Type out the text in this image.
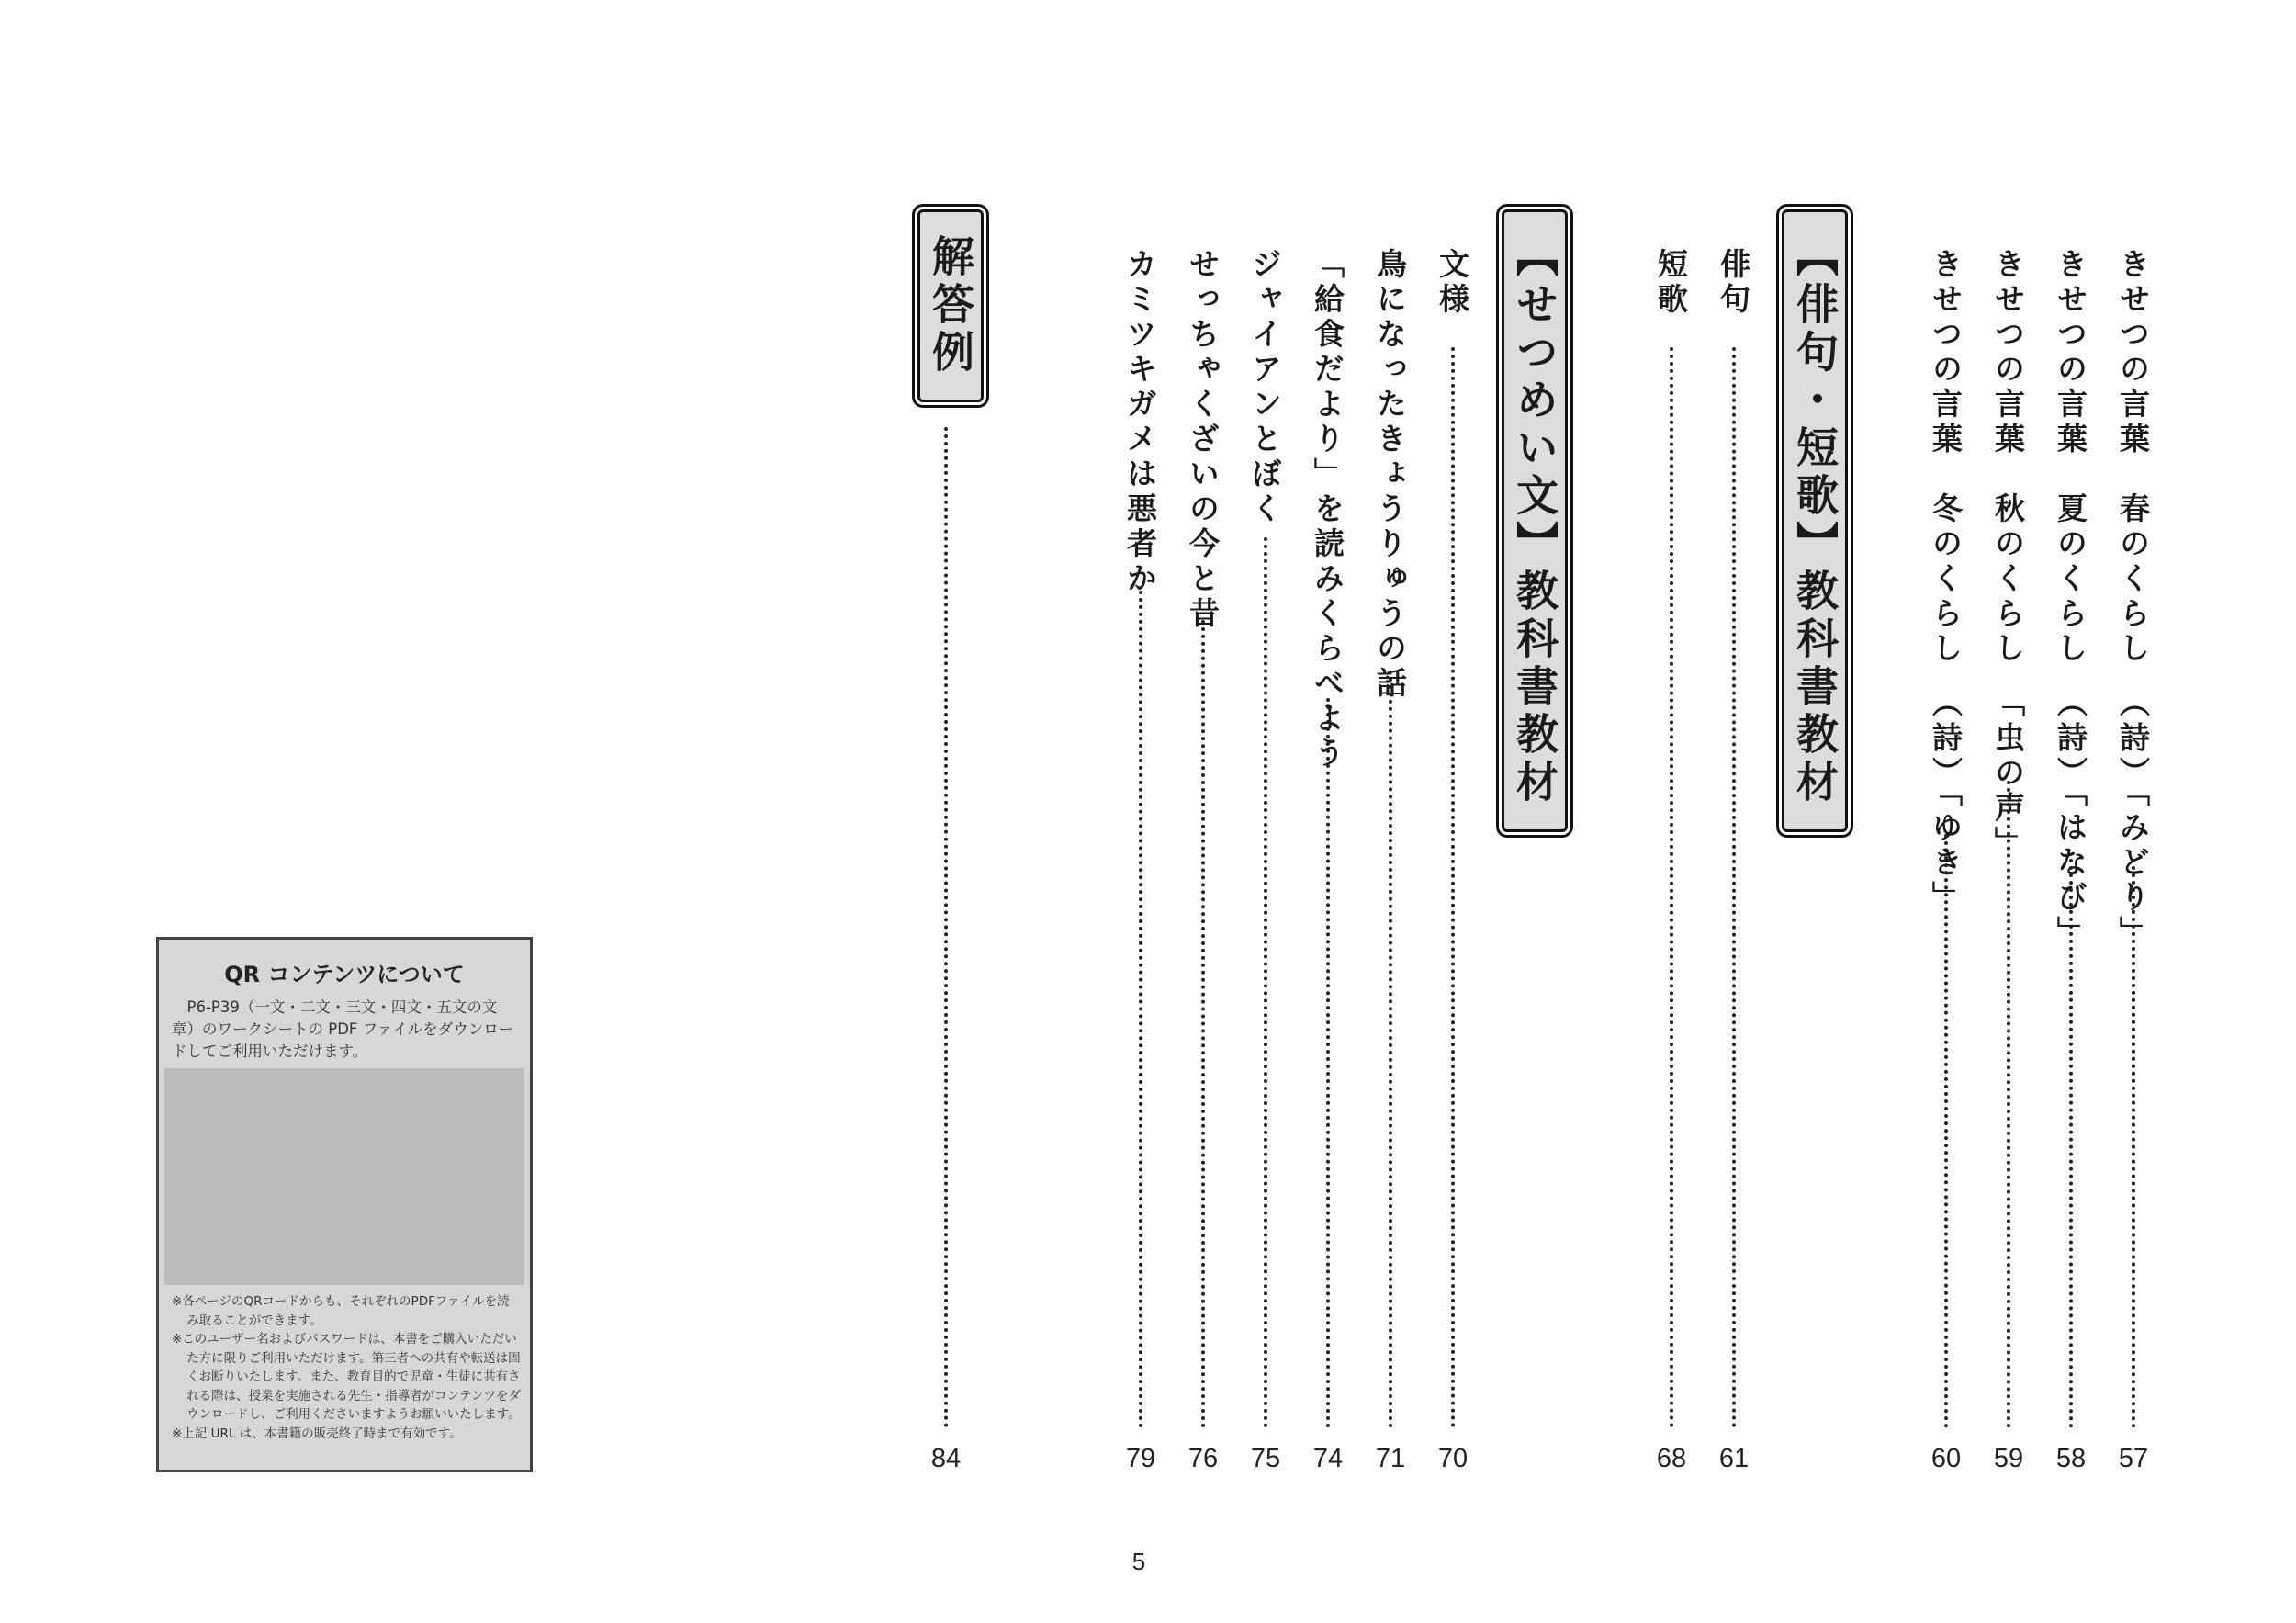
【俳句・短歌】教科書教材
【せつめい文】教科書教材
解答例	きせつの言葉　春のくらし　（詩）「みどり」
きせつの言葉　夏のくらし　（詩）「はなび」
きせつの言葉　秋のくらし　「虫の声」
きせつの言葉　冬のくらし　（詩）「ゆき」
俳句
短歌
文様
鳥になったきょうりゅうの話
「給食だより」を読みくらべよう
ジャイアンとぼく
せっちゃくざいの今と昔
カミツキガメは悪者か
57
58
59
60
61
68
70
71
74
75
76
79
84
QR コンテンツについて
P6-P39（一文・二文・三文・四文・五文の文章）のワークシートの PDF ファイルをダウンロードしてご利用いただけます。
※各ページのQRコードからも、それぞれのPDFファイルを読み取ることができます。
※このユーザー名およびパスワードは、本書をご購入いただいた方に限りご利用いただけます。第三者への共有や転送は固くお断りいたします。また、教育目的で児童・生徒に共有される際は、授業を実施される先生・指導者がコンテンツをダウンロードし、ご利用くださいますようお願いいたします。
※上記 URL は、本書籍の販売終了時まで有効です。
5
